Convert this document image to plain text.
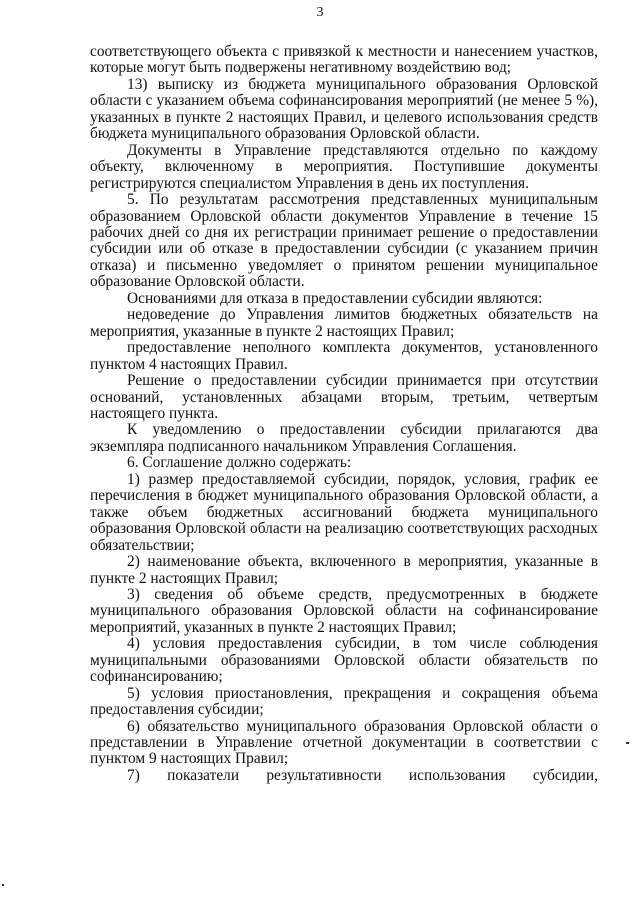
3

соответствующего объекта с привязкой к местности и нанесением участков, которые могут быть подвержены негативному воздействию вод;

13) выписку из бюджета муниципального образования Орловской области с указанием объема софинансирования мероприятий (не менее 5 %), указанных в пункте 2 настоящих Правил, и целевого использования средств бюджета муниципального образования Орловской области.

Документы в Управление представляются отдельно по каждому объекту, включенному в мероприятия. Поступившие документы регистрируются специалистом Управления в день их поступления.

5. По результатам рассмотрения представленных муниципальным образованием Орловской области документов Управление в течение 15 рабочих дней со дня их регистрации принимает решение о предоставлении субсидии или об отказе в предоставлении субсидии (с указанием причин отказа) и письменно уведомляет о принятом решении муниципальное образование Орловской области.

Основаниями для отказа в предоставлении субсидии являются:

недоведение до Управления лимитов бюджетных обязательств на мероприятия, указанные в пункте 2 настоящих Правил;

предоставление неполного комплекта документов, установленного пунктом 4 настоящих Правил.

Решение о предоставлении субсидии принимается при отсутствии оснований, установленных абзацами вторым, третьим, четвертым настоящего пункта.

К уведомлению о предоставлении субсидии прилагаются два экземпляра подписанного начальником Управления Соглашения.

6. Соглашение должно содержать:

1) размер предоставляемой субсидии, порядок, условия, график ее перечисления в бюджет муниципального образования Орловской области, а также объем бюджетных ассигнований бюджета муниципального образования Орловской области на реализацию соответствующих расходных обязательствии;

2) наименование объекта, включенного в мероприятия, указанные в пункте 2 настоящих Правил;

3) сведения об объеме средств, предусмотренных в бюджете муниципального образования Орловской области на софинансирование мероприятий, указанных в пункте 2 настоящих Правил;

4) условия предоставления субсидии, в том числе соблюдения муниципальными образованиями Орловской области обязательств по софинансированию;

5) условия приостановления, прекращения и сокращения объема предоставления субсидии;

6) обязательство муниципального образования Орловской области о представлении в Управление отчетной документации в соответствии с пунктом 9 настоящих Правил;

7) показатели результативности использования субсидии,
